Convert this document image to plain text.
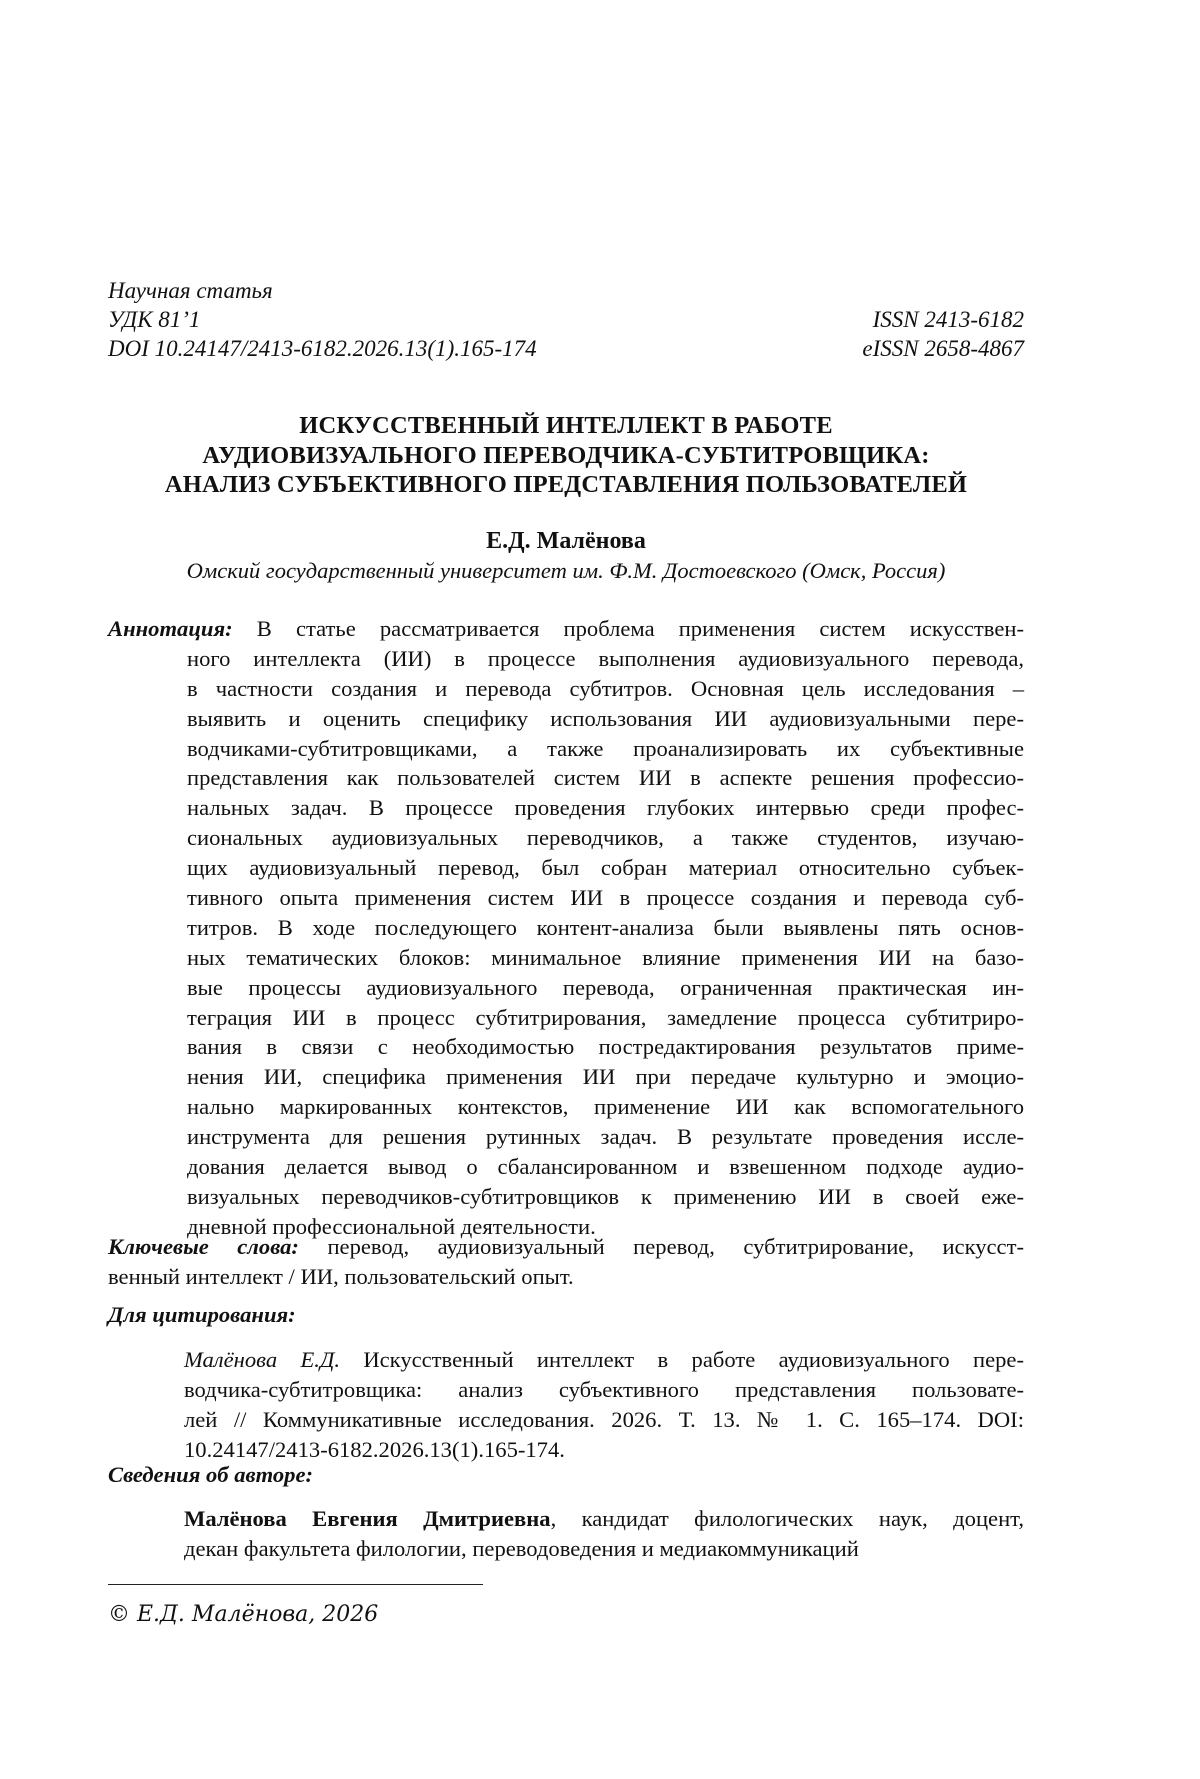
Научная статья
УДК 81’1	ISSN 2413-6182
DOI 10.24147/2413-6182.2026.13(1).165-174	eISSN 2658-4867
ИСКУССТВЕННЫЙ ИНТЕЛЛЕКТ В РАБОТЕ
АУДИОВИЗУАЛЬНОГО ПЕРЕВОДЧИКА-СУБТИТРОВЩИКА:
АНАЛИЗ СУБЪЕКТИВНОГО ПРЕДСТАВЛЕНИЯ ПОЛЬЗОВАТЕЛЕЙ
Е.Д. Малёнова
Омский государственный университет им. Ф.М. Достоевского (Омск, Россия)
Аннотация: В статье рассматривается проблема применения систем искусствен-
ного интеллекта (ИИ) в процессе выполнения аудиовизуального перевода,
в частности создания и перевода субтитров. Основная цель исследования –
выявить и оценить специфику использования ИИ аудиовизуальными пере-
водчиками-субтитровщиками, а также проанализировать их субъективные
представления как пользователей систем ИИ в аспекте решения профессио-
нальных задач. В процессе проведения глубоких интервью среди профес-
сиональных аудиовизуальных переводчиков, а также студентов, изучаю-
щих аудиовизуальный перевод, был собран материал относительно субъек-
тивного опыта применения систем ИИ в процессе создания и перевода суб-
титров. В ходе последующего контент-анализа были выявлены пять основ-
ных тематических блоков: минимальное влияние применения ИИ на базо-
вые процессы аудиовизуального перевода, ограниченная практическая ин-
теграция ИИ в процесс субтитрирования, замедление процесса субтитриро-
вания в связи с необходимостью постредактирования результатов приме-
нения ИИ, специфика применения ИИ при передаче культурно и эмоцио-
нально маркированных контекстов, применение ИИ как вспомогательного
инструмента для решения рутинных задач. В результате проведения иссле-
дования делается вывод о сбалансированном и взвешенном подходе аудио-
визуальных переводчиков-субтитровщиков к применению ИИ в своей еже-
дневной профессиональной деятельности.
Ключевые слова: перевод, аудиовизуальный перевод, субтитрирование, искусст-
венный интеллект / ИИ, пользовательский опыт.
Для цитирования:
Малёнова Е.Д. Искусственный интеллект в работе аудиовизуального пере-
водчика-субтитровщика: анализ субъективного представления пользовате-
лей // Коммуникативные исследования. 2026. Т. 13. № 1. С. 165–174. DOI:
10.24147/2413-6182.2026.13(1).165-174.
Сведения об авторе:
Малёнова Евгения Дмитриевна, кандидат филологических наук, доцент,
декан факультета филологии, переводоведения и медиакоммуникаций
© Е.Д. Малёнова, 2026
